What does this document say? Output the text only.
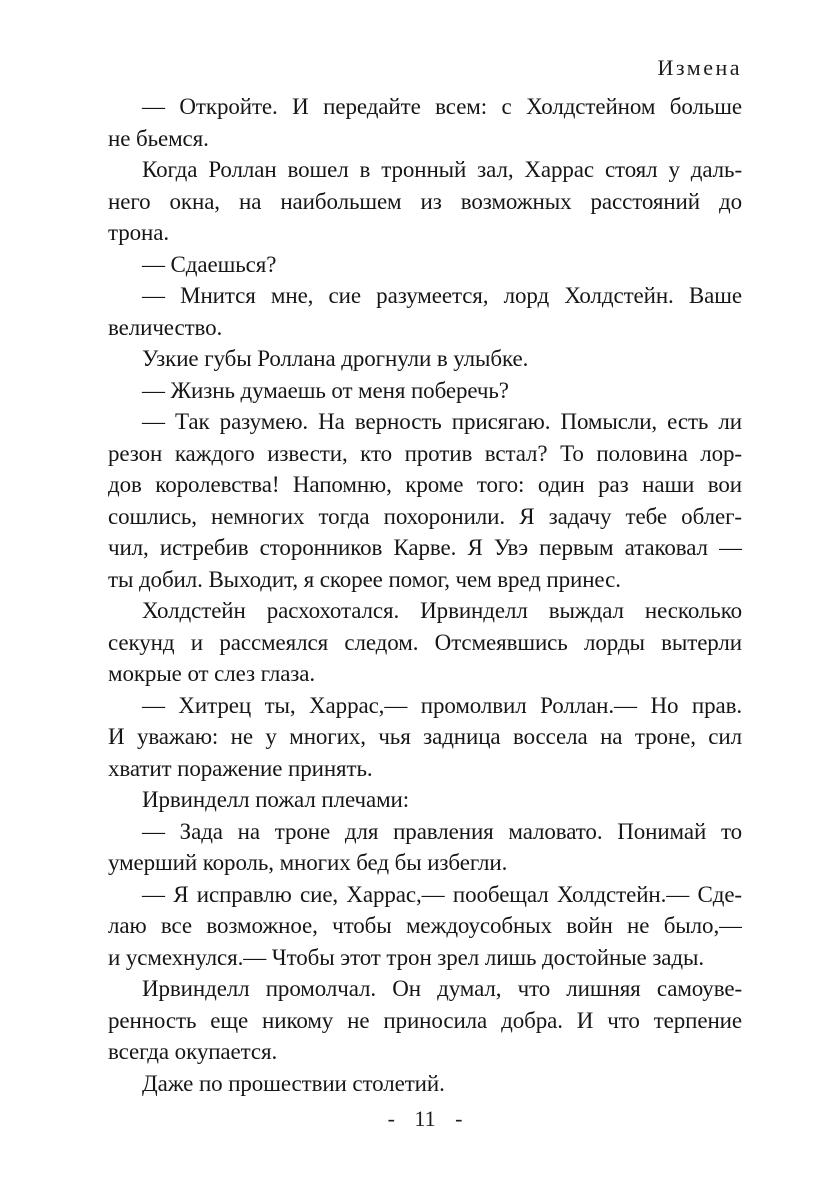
Измена
— Откройте. И передайте всем: с Холдстейном больше
не бьемся.
Когда Роллан вошел в тронный зал, Харрас стоял у даль-
него окна, на наибольшем из возможных расстояний до
трона.
— Сдаешься?
— Мнится мне, сие разумеется, лорд Холдстейн. Ваше
величество.
Узкие губы Роллана дрогнули в улыбке.
— Жизнь думаешь от меня поберечь?
— Так разумею. На верность присягаю. Помысли, есть ли
резон каждого извести, кто против встал? То половина лор-
дов королевства! Напомню, кроме того: один раз наши вои
сошлись, немногих тогда похоронили. Я задачу тебе облег-
чил, истребив сторонников Карве. Я Увэ первым атаковал —
ты добил. Выходит, я скорее помог, чем вред принес.
Холдстейн расхохотался. Ирвинделл выждал несколько
секунд и рассмеялся следом. Отсмеявшись лорды вытерли
мокрые от слез глаза.
— Хитрец ты, Харрас,— промолвил Роллан.— Но прав.
И уважаю: не у многих, чья задница воссела на троне, сил
хватит поражение принять.
Ирвинделл пожал плечами:
— Зада на троне для правления маловато. Понимай то
умерший король, многих бед бы избегли.
— Я исправлю сие, Харрас,— пообещал Холдстейн.— Сде-
лаю все возможное, чтобы междоусобных войн не было,—
и усмехнулся.— Чтобы этот трон зрел лишь достойные зады.
Ирвинделл промолчал. Он думал, что лишняя самоуве-
ренность еще никому не приносила добра. И что терпение
всегда окупается.
Даже по прошествии столетий.
- 11 -
